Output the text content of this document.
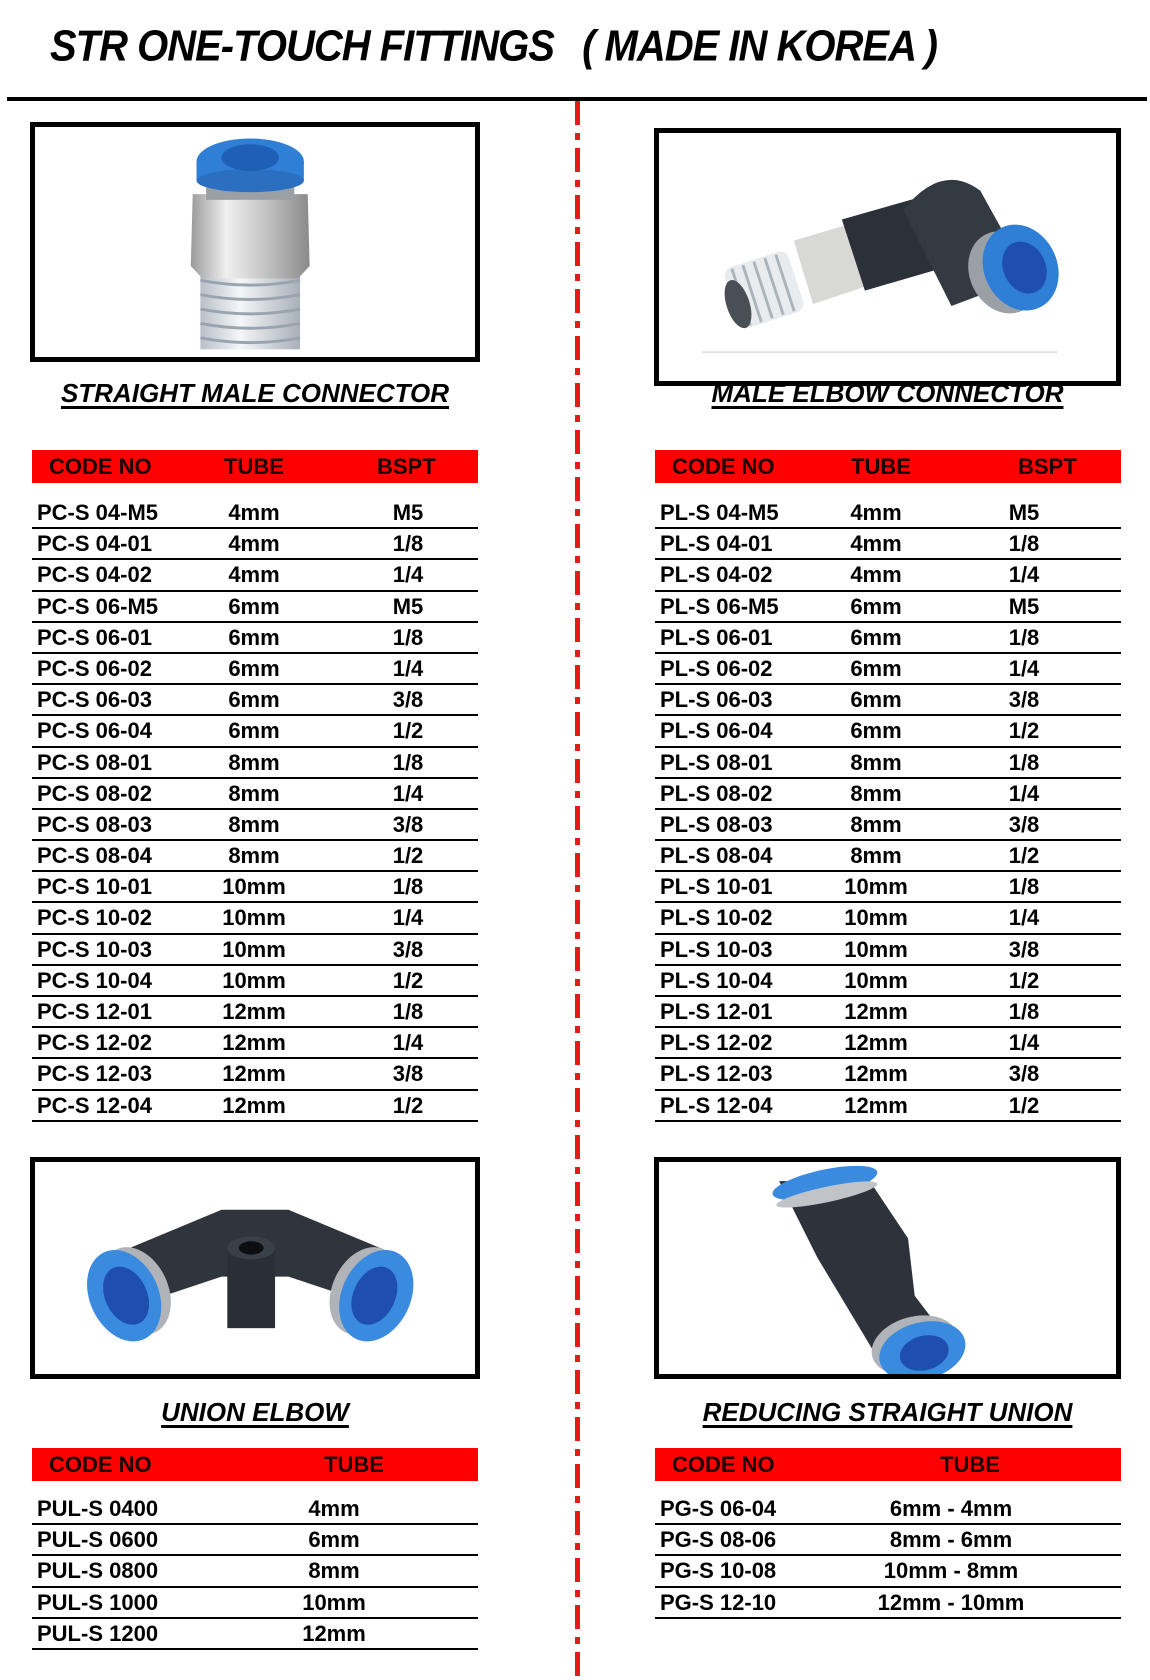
STR ONE-TOUCH FITTINGS ( MADE IN KOREA )
STRAIGHT MALE CONNECTOR
CODE NO	TUBE	BSPT
PC-S 04-M5	4mm	M5
PC-S 04-01	4mm	1/8
PC-S 04-02	4mm	1/4
PC-S 06-M5	6mm	M5
PC-S 06-01	6mm	1/8
PC-S 06-02	6mm	1/4
PC-S 06-03	6mm	3/8
PC-S 06-04	6mm	1/2
PC-S 08-01	8mm	1/8
PC-S 08-02	8mm	1/4
PC-S 08-03	8mm	3/8
PC-S 08-04	8mm	1/2
PC-S 10-01	10mm	1/8
PC-S 10-02	10mm	1/4
PC-S 10-03	10mm	3/8
PC-S 10-04	10mm	1/2
PC-S 12-01	12mm	1/8
PC-S 12-02	12mm	1/4
PC-S 12-03	12mm	3/8
PC-S 12-04	12mm	1/2
MALE ELBOW CONNECTOR
CODE NO	TUBE	BSPT
PL-S 04-M5	4mm	M5
PL-S 04-01	4mm	1/8
PL-S 04-02	4mm	1/4
PL-S 06-M5	6mm	M5
PL-S 06-01	6mm	1/8
PL-S 06-02	6mm	1/4
PL-S 06-03	6mm	3/8
PL-S 06-04	6mm	1/2
PL-S 08-01	8mm	1/8
PL-S 08-02	8mm	1/4
PL-S 08-03	8mm	3/8
PL-S 08-04	8mm	1/2
PL-S 10-01	10mm	1/8
PL-S 10-02	10mm	1/4
PL-S 10-03	10mm	3/8
PL-S 10-04	10mm	1/2
PL-S 12-01	12mm	1/8
PL-S 12-02	12mm	1/4
PL-S 12-03	12mm	3/8
PL-S 12-04	12mm	1/2
UNION ELBOW
CODE NO	TUBE
PUL-S 0400	4mm
PUL-S 0600	6mm
PUL-S 0800	8mm
PUL-S 1000	10mm
PUL-S 1200	12mm
REDUCING STRAIGHT UNION
CODE NO	TUBE
PG-S 06-04	6mm - 4mm
PG-S 08-06	8mm - 6mm
PG-S 10-08	10mm - 8mm
PG-S 12-10	12mm - 10mm
